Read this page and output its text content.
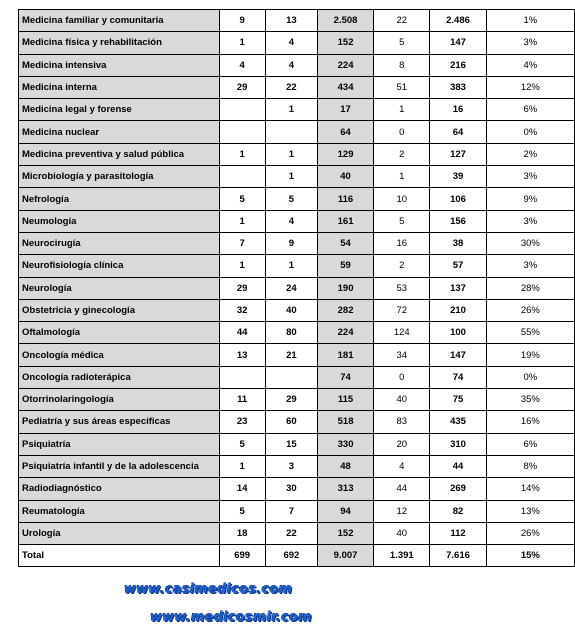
Medicina familiar y comunitaria	9	13	2.508	22	2.486	1%
Medicina física y rehabilitación	1	4	152	5	147	3%
Medicina intensiva	4	4	224	8	216	4%
Medicina interna	29	22	434	51	383	12%
Medicina legal y forense		1	17	1	16	6%
Medicina nuclear			64	0	64	0%
Medicina preventiva y salud pública	1	1	129	2	127	2%
Microbiología y parasitología		1	40	1	39	3%
Nefrología	5	5	116	10	106	9%
Neumología	1	4	161	5	156	3%
Neurocirugía	7	9	54	16	38	30%
Neurofisiología clínica	1	1	59	2	57	3%
Neurología	29	24	190	53	137	28%
Obstetricia y ginecología	32	40	282	72	210	26%
Oftalmología	44	80	224	124	100	55%
Oncología médica	13	21	181	34	147	19%
Oncología radioterápica			74	0	74	0%
Otorrinolaringología	11	29	115	40	75	35%
Pediatría y sus áreas específicas	23	60	518	83	435	16%
Psiquiatría	5	15	330	20	310	6%
Psiquiatría infantil y de la adolescencia	1	3	48	4	44	8%
Radiodiagnóstico	14	30	313	44	269	14%
Reumatología	5	7	94	12	82	13%
Urología	18	22	152	40	112	26%
Total	699	692	9.007	1.391	7.616	15%
www.casimedicos.com
www.medicosmir.com
